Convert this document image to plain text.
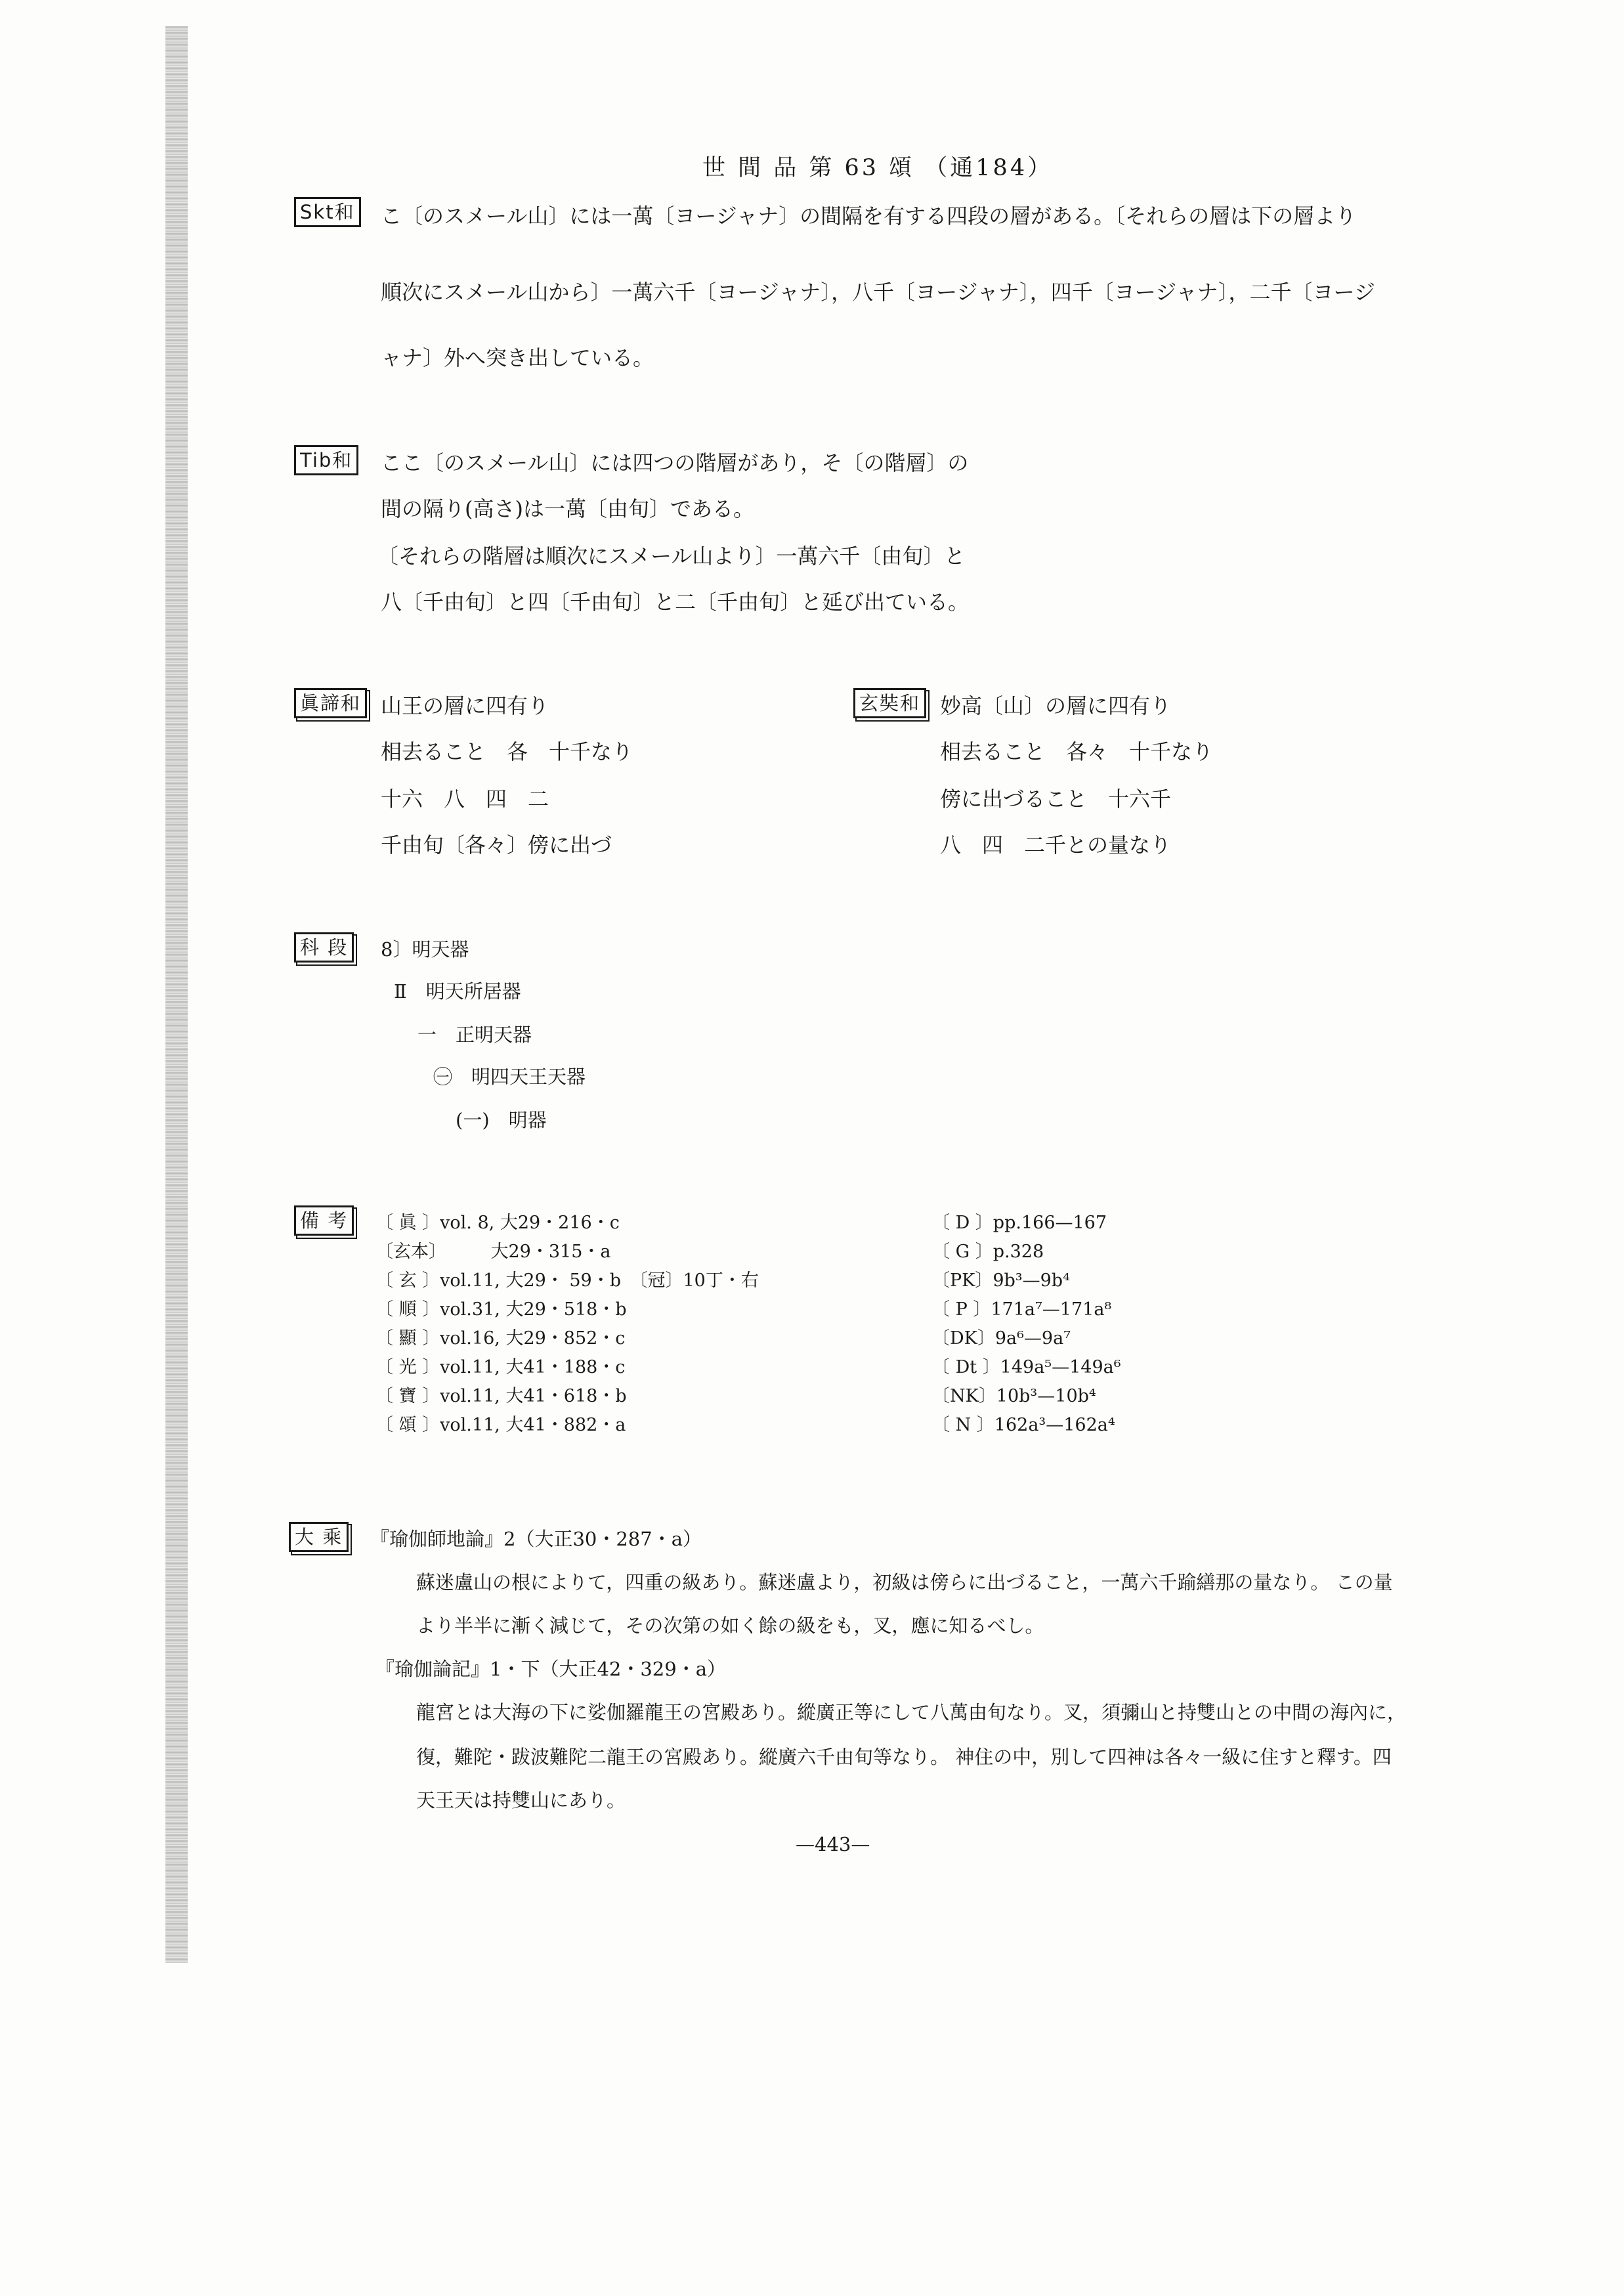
世 間 品 第 63 頌 （通184）
Skt和 こ〔のスメール山〕には一萬〔ヨージャナ〕の間隔を有する四段の層がある。〔それらの層は下の層より
順次にスメール山から〕一萬六千〔ヨージャナ〕，八千〔ヨージャナ〕，四千〔ヨージャナ〕，二千〔ヨージ
ャナ〕外へ突き出している。
Tib和 ここ〔のスメール山〕には四つの階層があり，そ〔の階層〕の
間の隔り(高さ)は一萬〔由旬〕である。
〔それらの階層は順次にスメール山より〕一萬六千〔由旬〕と
八〔千由旬〕と四〔千由旬〕と二〔千由旬〕と延び出ている。
眞諦和 山王の層に四有り
相去ること　各　十千なり
十六　八　四　二
千由旬〔各々〕傍に出づ
玄奘和 妙高〔山〕の層に四有り
相去ること　各々　十千なり
傍に出づること　十六千
八　四　二千との量なり
科 段	8〕明天器
Ⅱ　明天所居器
一　正明天器
㊀　明四天王天器
(一)　明器
備 考	〔 眞 〕vol. 8, 大29・216・c
〔玄本〕　　　大29・315・a
〔 玄 〕vol.11, 大29・ 59・b　〔冠〕10丁・右
〔 順 〕vol.31, 大29・518・b
〔 顯 〕vol.16, 大29・852・c
〔 光 〕vol.11, 大41・188・c
〔 寶 〕vol.11, 大41・618・b
〔 頌 〕vol.11, 大41・882・a
〔 D 〕pp.166—167
〔 G 〕p.328
〔PK〕9b³—9b⁴
〔 P 〕171a⁷—171a⁸
〔DK〕9a⁶—9a⁷
〔 Dt 〕149a⁵—149a⁶
〔NK〕10b³—10b⁴
〔 N 〕162a³—162a⁴
大 乘	『瑜伽師地論』2（大正30・287・a）
蘇迷盧山の根によりて，四重の級あり。蘇迷盧より，初級は傍らに出づること，一萬六千踰繕那の量なり。 この量
より半半に漸く減じて，その次第の如く餘の級をも，叉，應に知るべし。
『瑜伽論記』1・下（大正42・329・a）
龍宮とは大海の下に娑伽羅龍王の宮殿あり。縱廣正等にして八萬由旬なり。叉，須彌山と持雙山との中間の海內に，
復，難陀・跋波難陀二龍王の宮殿あり。縱廣六千由旬等なり。 神住の中，別して四神は各々一級に住すと釋す。四
天王天は持雙山にあり。
—443—
